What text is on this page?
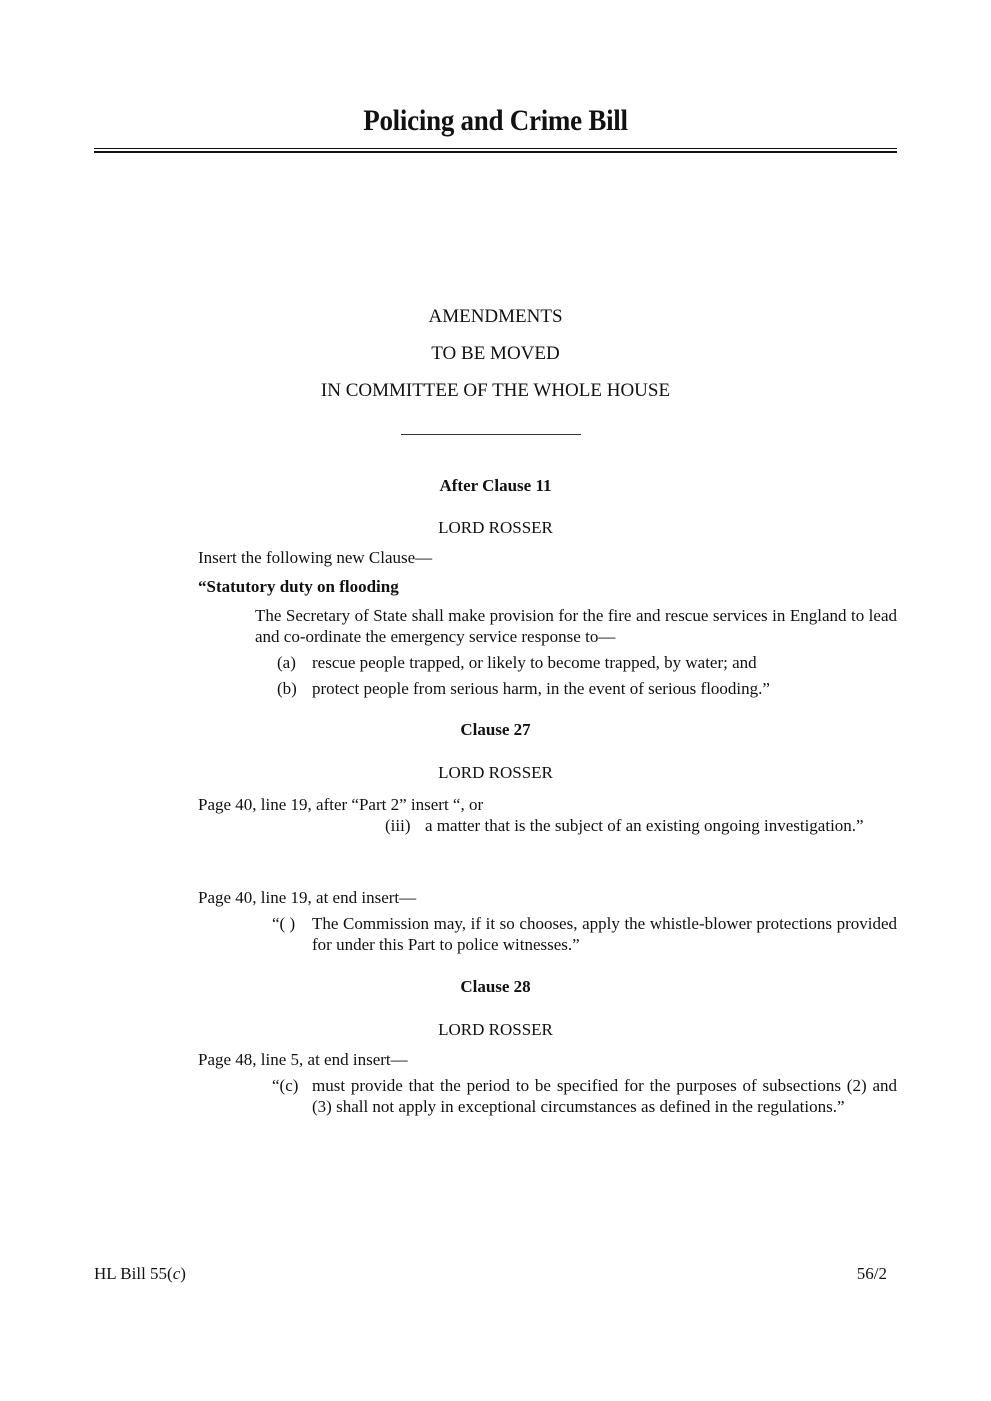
Policing and Crime Bill
AMENDMENTS
TO BE MOVED
IN COMMITTEE OF THE WHOLE HOUSE
After Clause 11
LORD ROSSER
Insert the following new Clause—
“Statutory duty on flooding
The Secretary of State shall make provision for the fire and rescue services in England to lead and co-ordinate the emergency service response to—
(a) rescue people trapped, or likely to become trapped, by water; and
(b) protect people from serious harm, in the event of serious flooding.”
Clause 27
LORD ROSSER
Page 40, line 19, after “Part 2” insert “, or
(iii) a matter that is the subject of an existing ongoing investigation.”
Page 40, line 19, at end insert—
“( ) The Commission may, if it so chooses, apply the whistle-blower protections provided for under this Part to police witnesses.”
Clause 28
LORD ROSSER
Page 48, line 5, at end insert—
“(c) must provide that the period to be specified for the purposes of subsections (2) and (3) shall not apply in exceptional circumstances as defined in the regulations.”
HL Bill 55(c)	56/2
